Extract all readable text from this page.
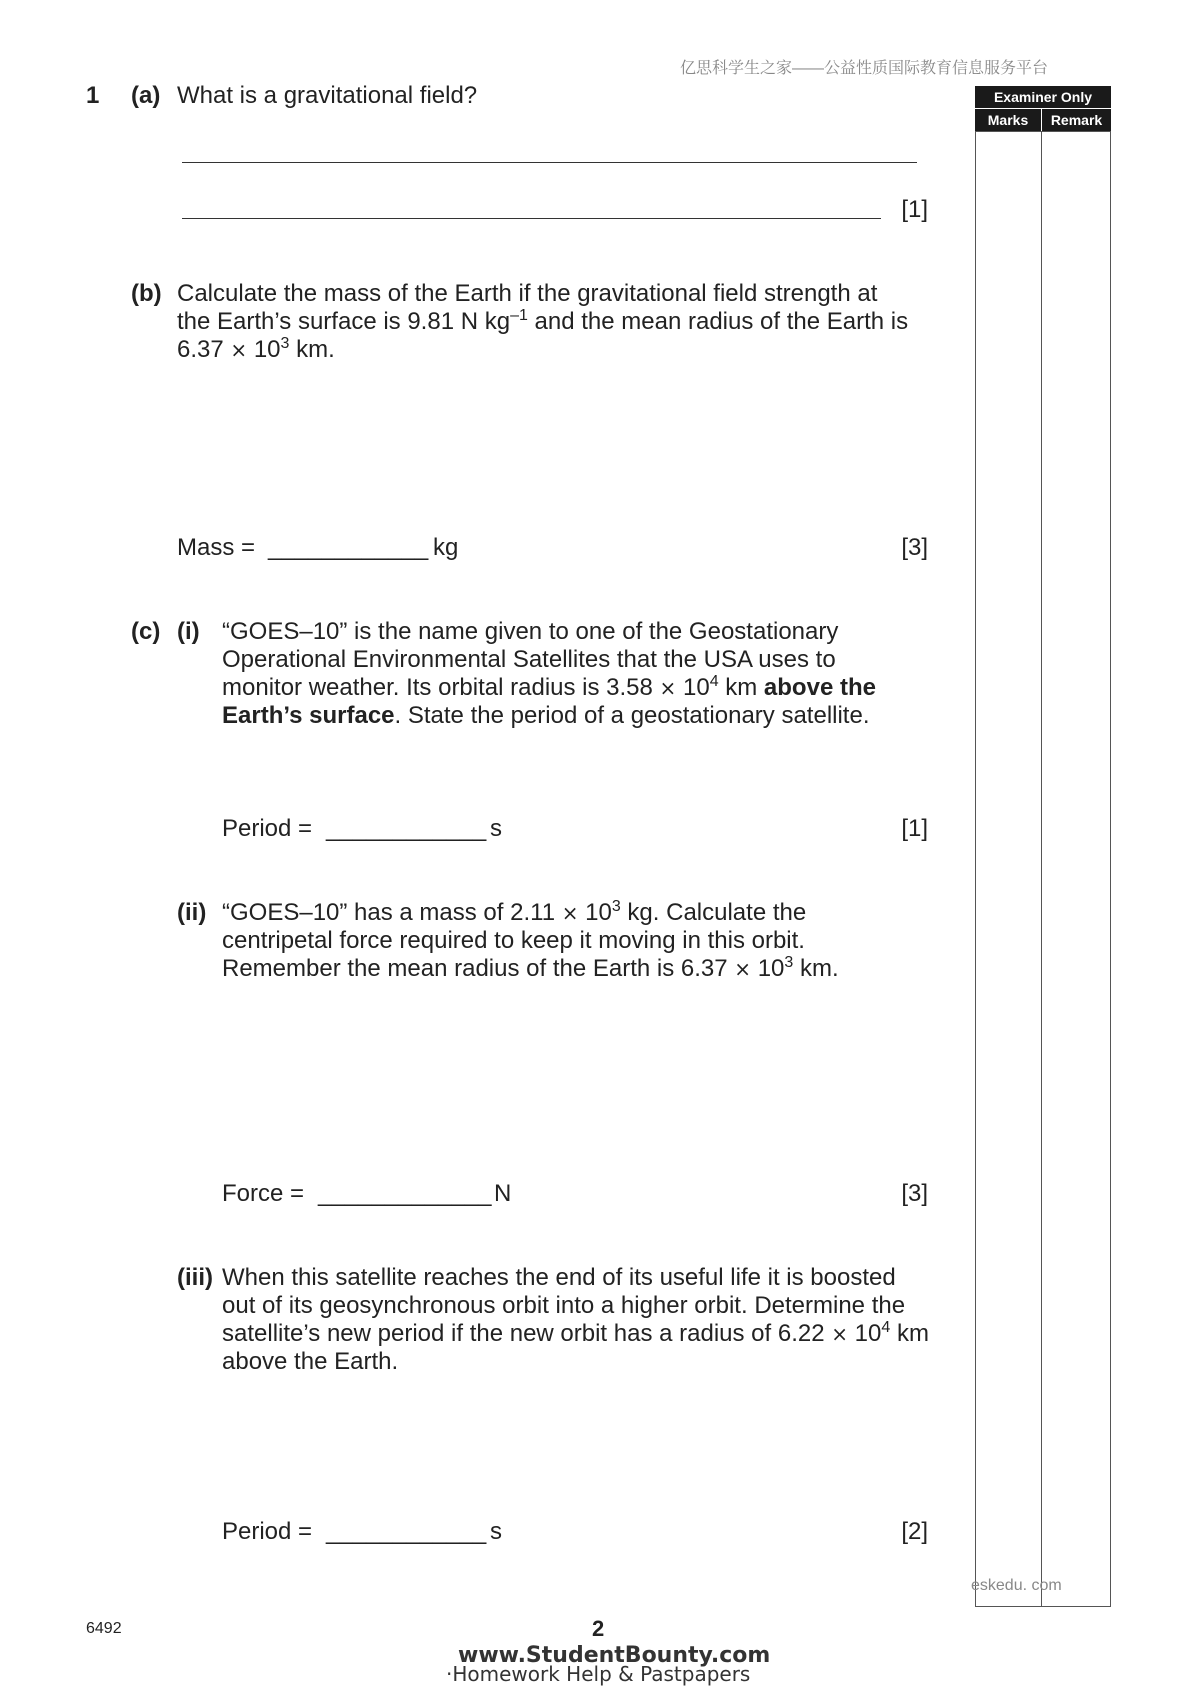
亿思科学生之家——公益性质国际教育信息服务平台
Examiner Only
Marks	Remark
1 (a) What is a gravitational field?
[1]
(b) Calculate the mass of the Earth if the gravitational field strength at
the Earth’s surface is 9.81 N $kg^{-1}$ and the mean radius of the Earth is
$6.37 \times 10^3$ km.
Mass = ____________ kg	[3]
(c) (i) “GOES–10” is the name given to one of the Geostationary
Operational Environmental Satellites that the USA uses to
monitor weather. Its orbital radius is $3.58 \times 10^4$ km above the
Earth’s surface. State the period of a geostationary satellite.
Period = ____________ s	[1]
(ii) “GOES–10” has a mass of $2.11 \times 10^3$ kg. Calculate the
centripetal force required to keep it moving in this orbit.
Remember the mean radius of the Earth is $6.37 \times 10^3$ km.
Force = _____________ N	[3]
(iii) When this satellite reaches the end of its useful life it is boosted
out of its geosynchronous orbit into a higher orbit. Determine the
satellite’s new period if the new orbit has a radius of $6.22 \times 10^4$ km
above the Earth.
Period = ____________ s	[2]
eskedu. com
6492	2
www.StudentBounty.com
·Homework Help & Pastpapers
